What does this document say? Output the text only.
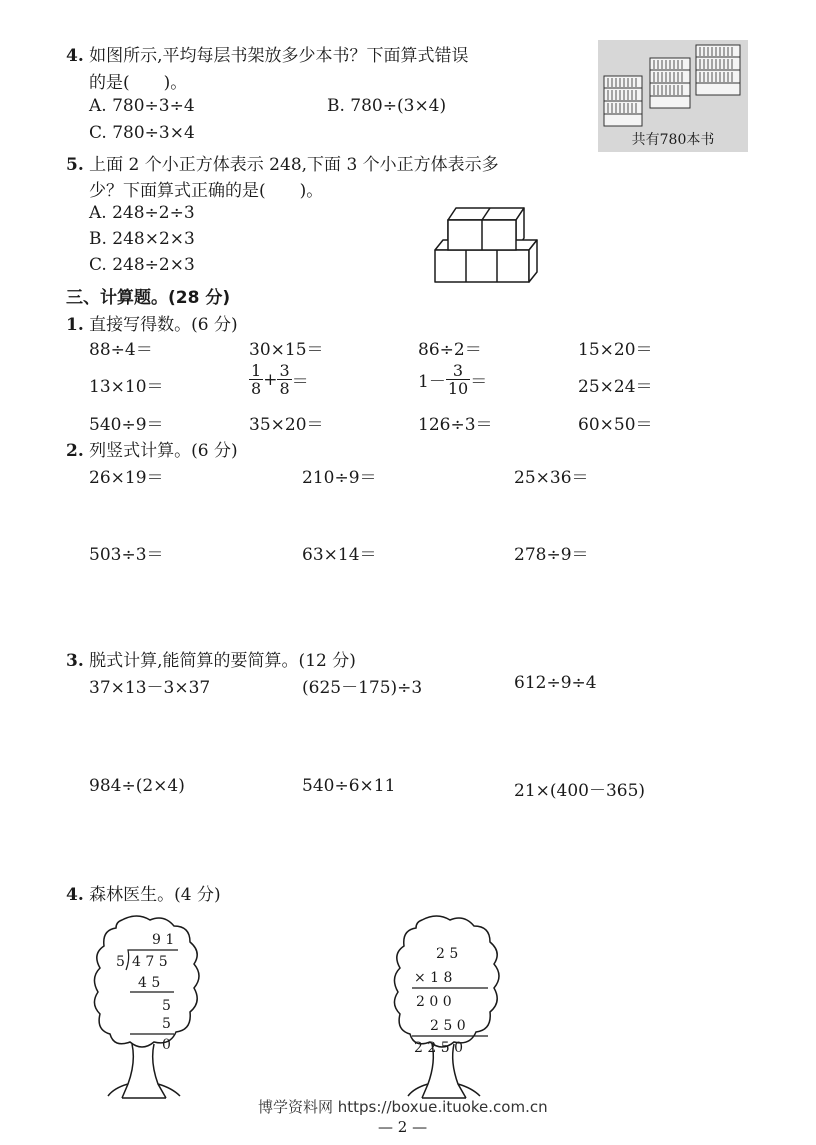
4. 如图所示,平均每层书架放多少本书？下面算式错误
的是(　　)。
A. 780÷3÷4	B. 780÷(3×4)
C. 780÷3×4	共有780本书
5. 上面 2 个小正方体表示 248,下面 3 个小正方体表示多
少？下面算式正确的是(　　)。
A. 248÷2÷3
B. 248×2×3
C. 248÷2×3
三、计算题。(28 分)
1. 直接写得数。(6 分)
88÷4＝	30×15＝	86÷2＝	15×20＝
13×10＝	$\frac{1}{8} + \frac{3}{8}$ ＝	$1- \frac{3}{10}$ ＝	25×24＝
540÷9＝	35×20＝	126÷3＝	60×50＝
2. 列竖式计算。(6 分)
26×19＝	210÷9＝	25×36＝
503÷3＝	63×14＝	278÷9＝
3. 脱式计算,能简算的要简算。(12 分)
37×13－3×37	(625－175)÷3	612÷9÷4
984÷(2×4)	540÷6×11	21×(400－365)
4. 森林医生。(4 分)
9 1
5 4 7 5
4 5
5
5
0
2 5
× 1 8
2 0 0
2 5 0
2 2 5 0
博学资料网 https://boxue.ituoke.com.cn
— 2 —
